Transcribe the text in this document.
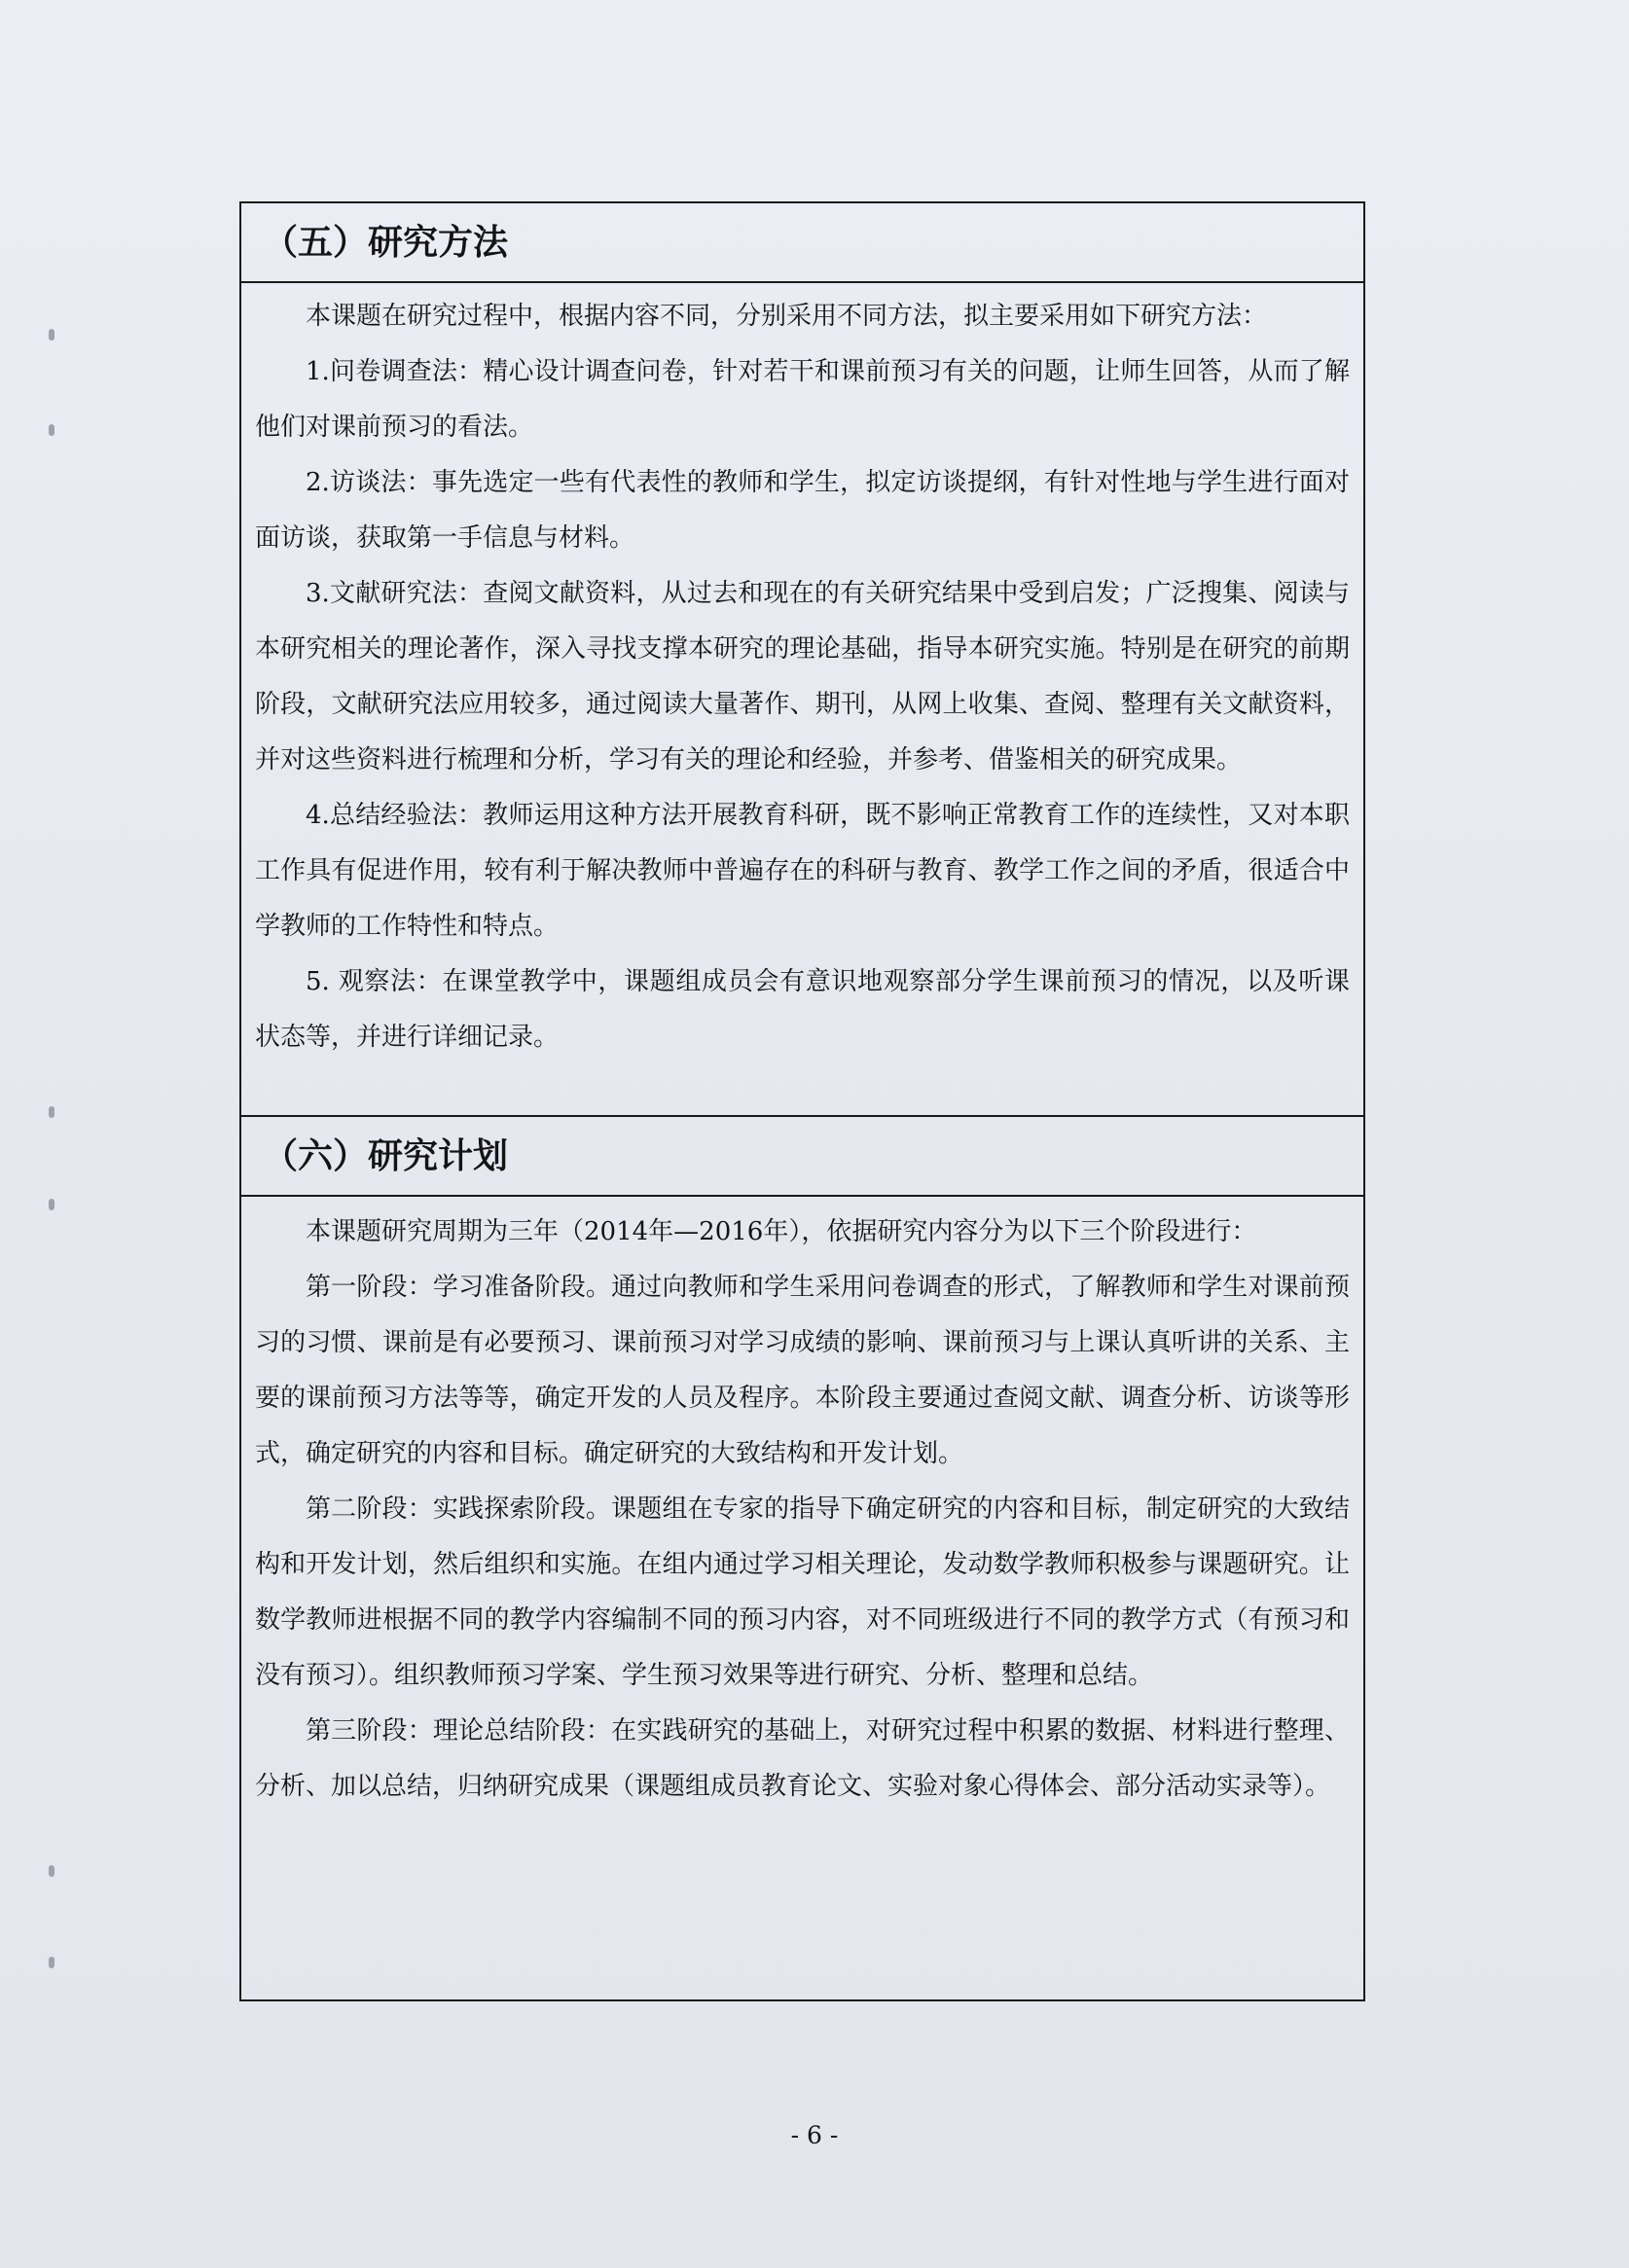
（五）研究方法

本课题在研究过程中，根据内容不同，分别采用不同方法，拟主要采用如下研究方法：

1.问卷调查法：精心设计调查问卷，针对若干和课前预习有关的问题，让师生回答，从而了解他们对课前预习的看法。

2.访谈法：事先选定一些有代表性的教师和学生，拟定访谈提纲，有针对性地与学生进行面对面访谈，获取第一手信息与材料。

3.文献研究法：查阅文献资料，从过去和现在的有关研究结果中受到启发；广泛搜集、阅读与本研究相关的理论著作，深入寻找支撑本研究的理论基础，指导本研究实施。特别是在研究的前期阶段，文献研究法应用较多，通过阅读大量著作、期刊，从网上收集、查阅、整理有关文献资料，并对这些资料进行梳理和分析，学习有关的理论和经验，并参考、借鉴相关的研究成果。

4.总结经验法：教师运用这种方法开展教育科研，既不影响正常教育工作的连续性，又对本职工作具有促进作用，较有利于解决教师中普遍存在的科研与教育、教学工作之间的矛盾，很适合中学教师的工作特性和特点。

5. 观察法：在课堂教学中，课题组成员会有意识地观察部分学生课前预习的情况，以及听课状态等，并进行详细记录。

（六）研究计划

本课题研究周期为三年（2014年—2016年），依据研究内容分为以下三个阶段进行：

第一阶段：学习准备阶段。通过向教师和学生采用问卷调查的形式，了解教师和学生对课前预习的习惯、课前是有必要预习、课前预习对学习成绩的影响、课前预习与上课认真听讲的关系、主要的课前预习方法等等，确定开发的人员及程序。本阶段主要通过查阅文献、调查分析、访谈等形式，确定研究的内容和目标。确定研究的大致结构和开发计划。

第二阶段：实践探索阶段。课题组在专家的指导下确定研究的内容和目标，制定研究的大致结构和开发计划，然后组织和实施。在组内通过学习相关理论，发动数学教师积极参与课题研究。让数学教师进根据不同的教学内容编制不同的预习内容，对不同班级进行不同的教学方式（有预习和没有预习）。组织教师预习学案、学生预习效果等进行研究、分析、整理和总结。

第三阶段：理论总结阶段：在实践研究的基础上，对研究过程中积累的数据、材料进行整理、分析、加以总结，归纳研究成果（课题组成员教育论文、实验对象心得体会、部分活动实录等）。

- 6 -
